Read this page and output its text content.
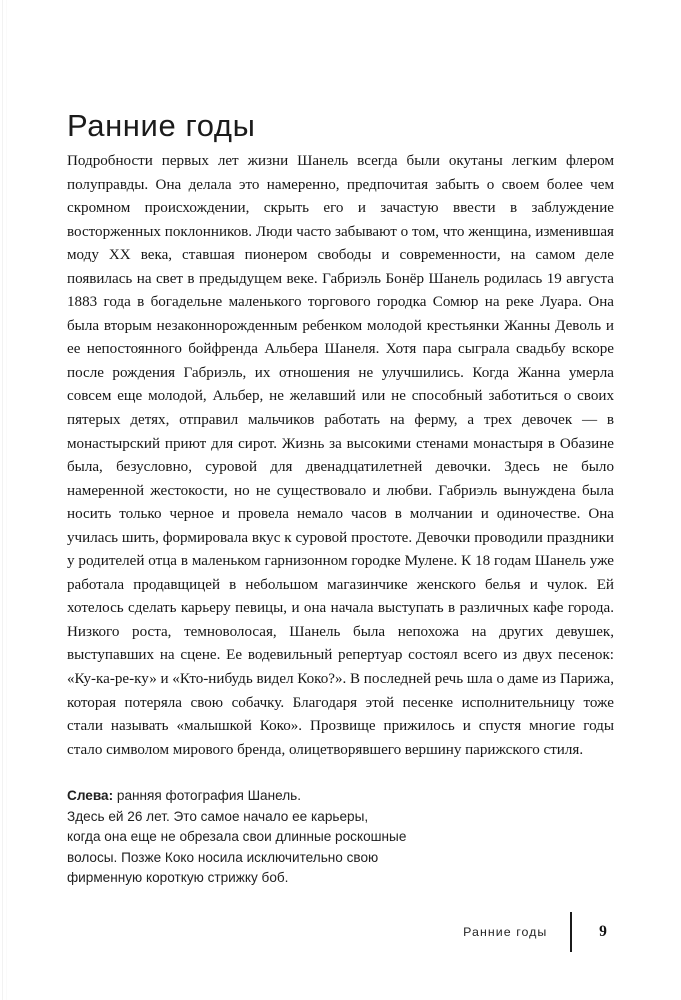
Ранние годы

Подробности первых лет жизни Шанель всегда были окутаны легким флером полуправды. Она делала это намеренно, предпочитая забыть о своем более чем скромном происхождении, скрыть его и зачастую ввести в заблуждение восторженных поклонников. Люди часто забывают о том, что женщина, изменившая моду XX века, ставшая пионером свободы и современности, на самом деле появилась на свет в предыдущем веке. Габриэль Бонёр Шанель родилась 19 августа 1883 года в богадельне маленького торгового городка Сомюр на реке Луара. Она была вторым незаконнорожденным ребенком молодой крестьянки Жанны Деволь и ее непостоянного бойфренда Альбера Шанеля. Хотя пара сыграла свадьбу вскоре после рождения Габриэль, их отношения не улучшились. Когда Жанна умерла совсем еще молодой, Альбер, не желавший или не способный заботиться о своих пятерых детях, отправил мальчиков работать на ферму, а трех девочек — в монастырский приют для сирот. Жизнь за высокими стенами монастыря в Обазине была, безусловно, суровой для двенадцатилетней девочки. Здесь не было намеренной жестокости, но не существовало и любви. Габриэль вынуждена была носить только черное и провела немало часов в молчании и одиночестве. Она училась шить, формировала вкус к суровой простоте. Девочки проводили праздники у родителей отца в маленьком гарнизонном городке Мулене. К 18 годам Шанель уже работала продавщицей в небольшом магазинчике женского белья и чулок. Ей хотелось сделать карьеру певицы, и она начала выступать в различных кафе города. Низкого роста, темноволосая, Шанель была непохожа на других девушек, выступавших на сцене. Ее водевильный репертуар состоял всего из двух песенок: «Ку-ка-ре-ку» и «Кто-нибудь видел Коко?». В последней речь шла о даме из Парижа, которая потеряла свою собачку. Благодаря этой песенке исполнительницу тоже стали называть «малышкой Коко». Прозвище прижилось и спустя многие годы стало символом мирового бренда, олицетворявшего вершину парижского стиля.

Слева: ранняя фотография Шанель.
Здесь ей 26 лет. Это самое начало ее карьеры,
когда она еще не обрезала свои длинные роскошные
волосы. Позже Коко носила исключительно свою
фирменную короткую стрижку боб.
Ранние годы	9
